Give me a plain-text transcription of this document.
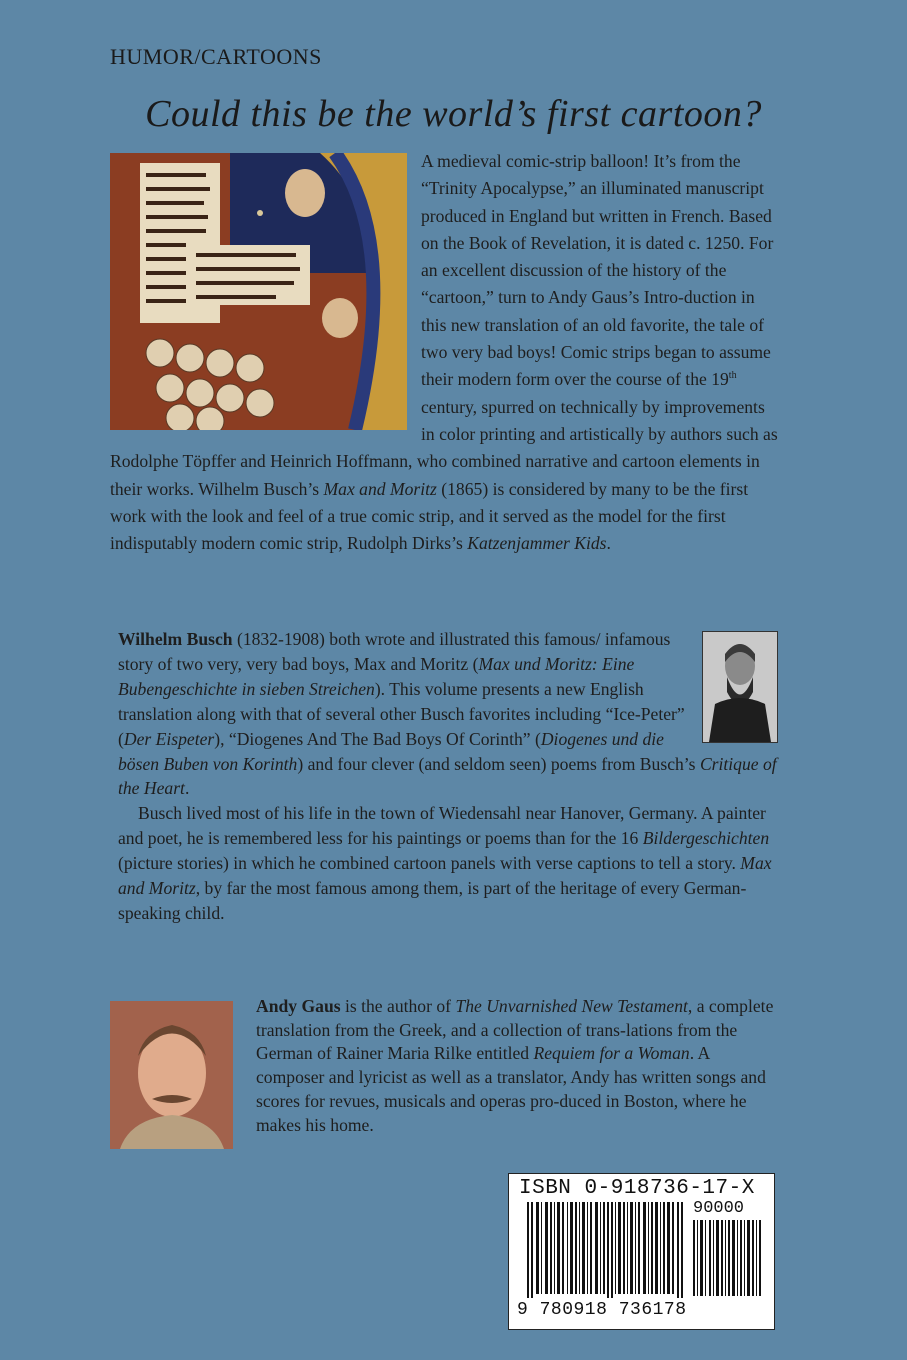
HUMOR/CARTOONS
Could this be the world’s first cartoon?
A medieval comic-strip balloon! It’s from the “Trinity Apocalypse,” an illuminated manuscript produced in England but written in French. Based on the Book of Revelation, it is dated c. 1250. For an excellent discussion of the history of the “cartoon,” turn to Andy Gaus’s Intro-duction in this new translation of an old favorite, the tale of two very bad boys! Comic strips began to assume their modern form over the course of the 19th century, spurred on technically by improvements in color printing and artistically by authors such as Rodolphe Töpffer and Heinrich Hoffmann, who combined narrative and cartoon elements in their works. Wilhelm Busch’s Max and Moritz (1865) is considered by many to be the first work with the look and feel of a true comic strip, and it served as the model for the first indisputably modern comic strip, Rudolph Dirks’s Katzenjammer Kids.

Wilhelm Busch (1832-1908) both wrote and illustrated this famous/ infamous story of two very, very bad boys, Max and Moritz (Max und Moritz: Eine Bubengeschichte in sieben Streichen). This volume presents a new English translation along with that of several other Busch favorites including “Ice-Peter” (Der Eispeter), “Diogenes And The Bad Boys Of Corinth” (Diogenes und die bösen Buben von Korinth) and four clever (and seldom seen) poems from Busch’s Critique of the Heart.

Busch lived most of his life in the town of Wiedensahl near Hanover, Germany. A painter and poet, he is remembered less for his paintings or poems than for the 16 Bildergeschichten (picture stories) in which he combined cartoon panels with verse captions to tell a story. Max and Moritz, by far the most famous among them, is part of the heritage of every German-speaking child.

Andy Gaus is the author of The Unvarnished New Testament, a complete translation from the Greek, and a collection of trans-lations from the German of Rainer Maria Rilke entitled Requiem for a Woman. A composer and lyricist as well as a translator, Andy has written songs and scores for revues, musicals and operas pro-duced in Boston, where he makes his home.
ISBN 0-918736-17-X
90000
9 780918 736178
